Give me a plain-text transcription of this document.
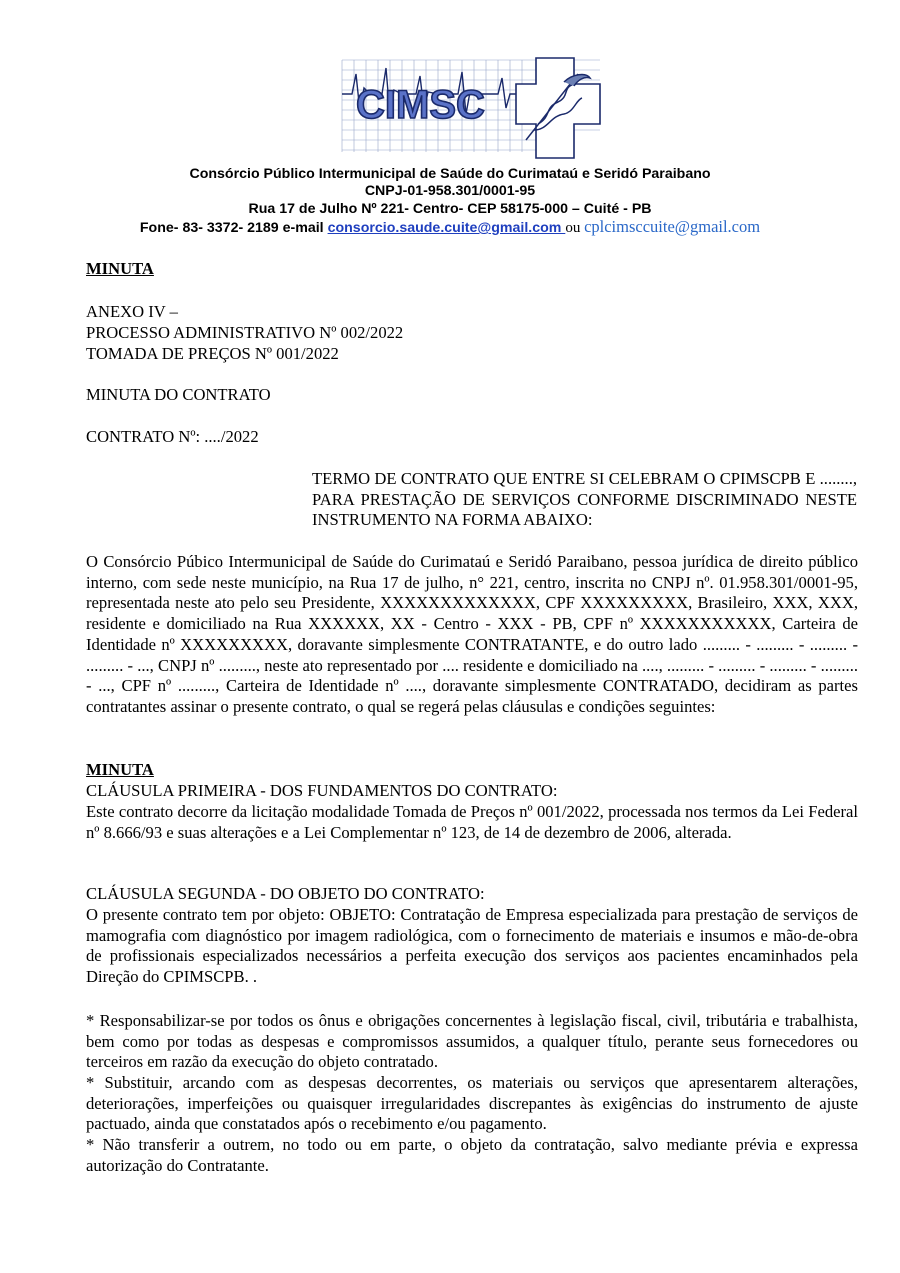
CIMSC
Consórcio Público Intermunicipal de Saúde do Curimataú e Seridó Paraibano
CNPJ-01-958.301/0001-95
Rua 17 de Julho Nº 221- Centro- CEP 58175-000 – Cuité - PB
Fone- 83- 3372- 2189 e-mail consorcio.saude.cuite@gmail.com ou cplcimsccuite@gmail.com
MINUTA
ANEXO IV –
PROCESSO ADMINISTRATIVO Nº 002/2022
TOMADA DE PREÇOS Nº 001/2022
MINUTA DO CONTRATO
CONTRATO Nº: ..../2022
TERMO DE CONTRATO QUE ENTRE SI CELEBRAM O CPIMSCPB E ........, PARA PRESTAÇÃO DE SERVIÇOS CONFORME DISCRIMINADO NESTE INSTRUMENTO NA FORMA ABAIXO:
O Consórcio Púbico Intermunicipal de Saúde do Curimataú e Seridó Paraibano, pessoa jurídica de direito público interno, com sede neste município, na Rua 17 de julho, n° 221, centro, inscrita no CNPJ nº. 01.958.301/0001-95, representada neste ato pelo seu Presidente, XXXXXXXXXXXXX, CPF XXXXXXXXX, Brasileiro, XXX, XXX, residente e domiciliado na Rua XXXXXX, XX - Centro - XXX - PB, CPF nº XXXXXXXXXXX, Carteira de Identidade nº XXXXXXXXX, doravante simplesmente CONTRATANTE, e do outro lado ......... - ......... - ......... - ......... - ..., CNPJ nº ........., neste ato representado por .... residente e domiciliado na ...., ......... - ......... - ......... - ......... - ..., CPF nº ........., Carteira de Identidade nº ...., doravante simplesmente CONTRATADO, decidiram as partes contratantes assinar o presente contrato, o qual se regerá pelas cláusulas e condições seguintes:
MINUTA
CLÁUSULA PRIMEIRA - DOS FUNDAMENTOS DO CONTRATO:
Este contrato decorre da licitação modalidade Tomada de Preços nº 001/2022, processada nos termos da Lei Federal nº 8.666/93 e suas alterações e a Lei Complementar nº 123, de 14 de dezembro de 2006, alterada.
CLÁUSULA SEGUNDA - DO OBJETO DO CONTRATO:
O presente contrato tem por objeto: OBJETO: Contratação de Empresa especializada para prestação de serviços de mamografia com diagnóstico por imagem radiológica, com o fornecimento de materiais e insumos e mão-de-obra de profissionais especializados necessários a perfeita execução dos serviços aos pacientes encaminhados pela Direção do CPIMSCPB. .
* Responsabilizar-se por todos os ônus e obrigações concernentes à legislação fiscal, civil, tributária e trabalhista, bem como por todas as despesas e compromissos assumidos, a qualquer título, perante seus fornecedores ou terceiros em razão da execução do objeto contratado.
* Substituir, arcando com as despesas decorrentes, os materiais ou serviços que apresentarem alterações, deteriorações, imperfeições ou quaisquer irregularidades discrepantes às exigências do instrumento de ajuste pactuado, ainda que constatados após o recebimento e/ou pagamento.
* Não transferir a outrem, no todo ou em parte, o objeto da contratação, salvo mediante prévia e expressa autorização do Contratante.
